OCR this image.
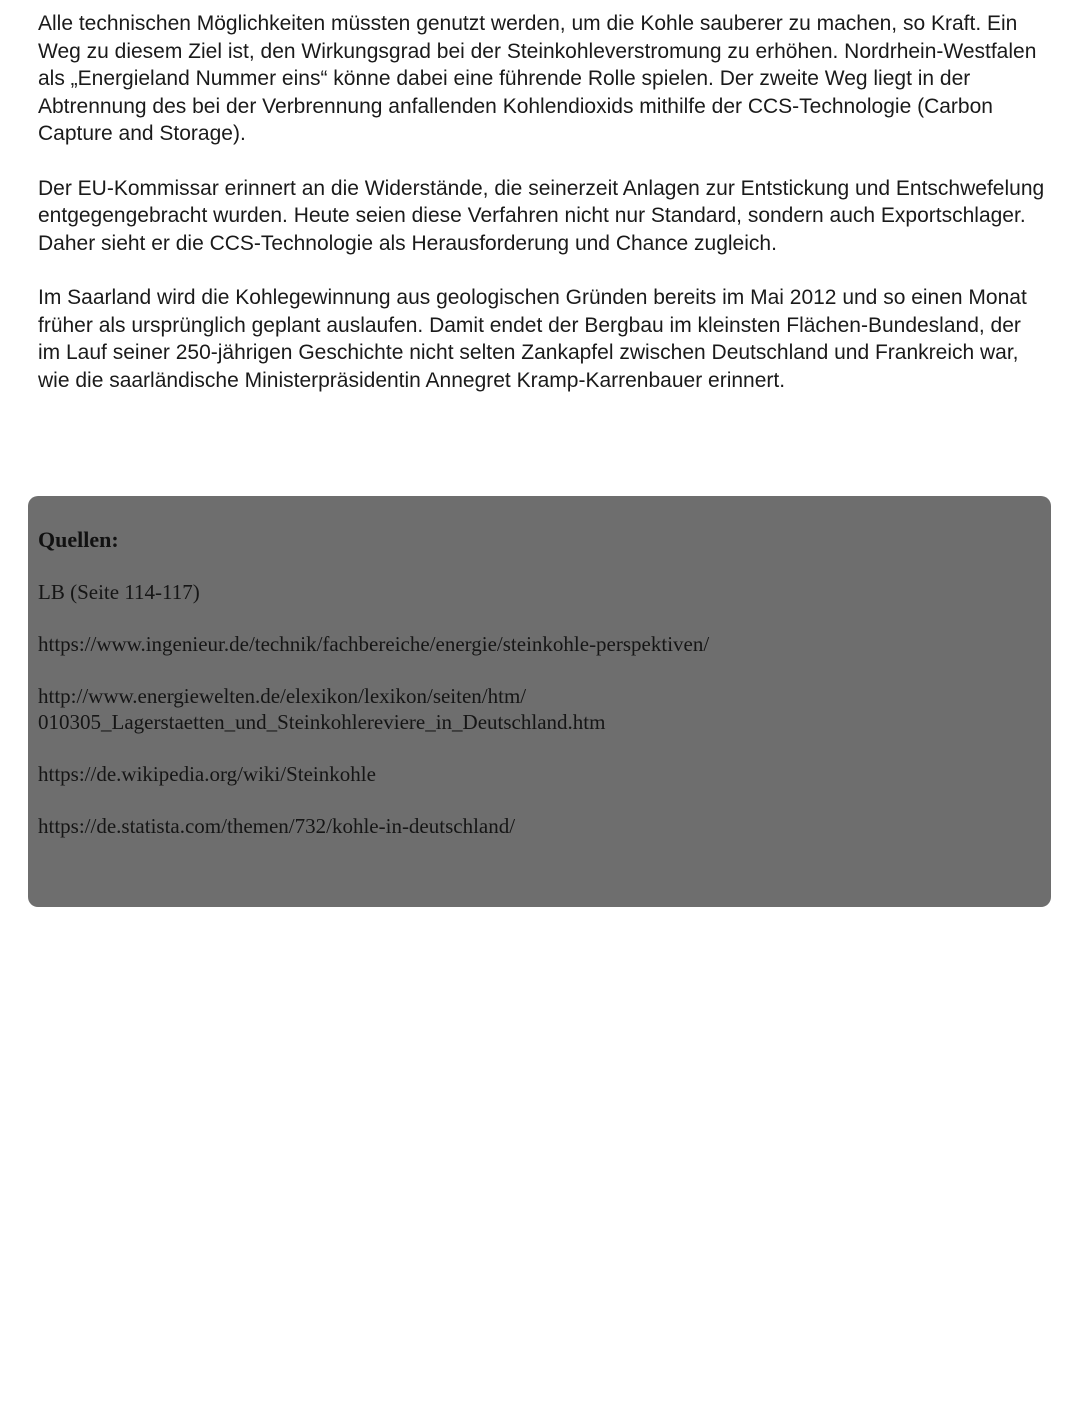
Alle technischen Möglichkeiten müssten genutzt werden, um die Kohle sauberer zu machen, so Kraft. Ein Weg zu diesem Ziel ist, den Wirkungsgrad bei der Steinkohleverstromung zu erhöhen. Nordrhein-Westfalen als „Energieland Nummer eins“ könne dabei eine führende Rolle spielen. Der zweite Weg liegt in der Abtrennung des bei der Verbrennung anfallenden Kohlendioxids mithilfe der CCS-Technologie (Carbon Capture and Storage).

Der EU-Kommissar erinnert an die Widerstände, die seinerzeit Anlagen zur Entstickung und Entschwefelung entgegengebracht wurden. Heute seien diese Verfahren nicht nur Standard, sondern auch Exportschlager. Daher sieht er die CCS-Technologie als Herausforderung und Chance zugleich.

Im Saarland wird die Kohlegewinnung aus geologischen Gründen bereits im Mai 2012 und so einen Monat früher als ursprünglich geplant auslaufen. Damit endet der Bergbau im kleinsten Flächen-Bundesland, der im Lauf seiner 250-jährigen Geschichte nicht selten Zankapfel zwischen Deutschland und Frankreich war, wie die saarländische Ministerpräsidentin Annegret Kramp-Karrenbauer erinnert.

Quellen:
LB (Seite 114-117)
https://www.ingenieur.de/technik/fachbereiche/energie/steinkohle-perspektiven/
http://www.energiewelten.de/elexikon/lexikon/seiten/htm/
010305_Lagerstaetten_und_Steinkohlereviere_in_Deutschland.htm
https://de.wikipedia.org/wiki/Steinkohle
https://de.statista.com/themen/732/kohle-in-deutschland/
